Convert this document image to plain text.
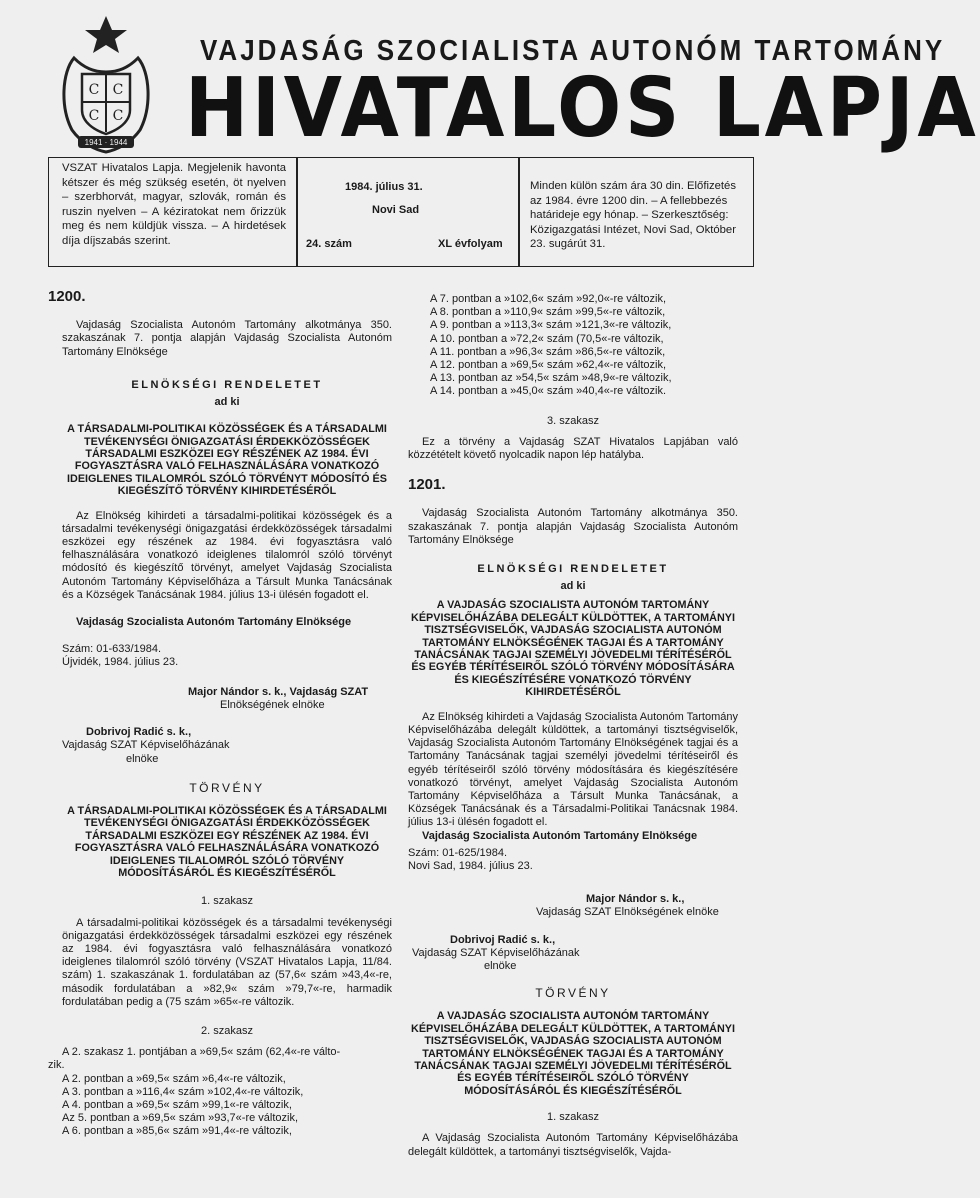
С С
С С
1941 · 1944
VAJDASÁG SZOCIALISTA AUTONÓM TARTOMÁNY
HIVATALOS LAPJA
VSZAT Hivatalos Lapja. Megjelenik havonta kétszer és még szükség esetén, öt nyelven – szerbhorvát, magyar, szlovák, román és ruszin nyelven – A kéziratokat nem őrizzük meg és nem küldjük vissza. – A hirdetések díja díjszabás szerint.
1984. július 31.
Novi Sad
24. szám	XL évfolyam
Minden külön szám ára 30 din. Előfizetés az 1984. évre 1200 din. – A fellebbezés határideje egy hónap. – Szerkesztőség: Közigazgatási Intézet, Novi Sad, Október 23. sugárút 31.

1200.

Vajdaság Szocialista Autonóm Tartomány alkotmánya 350. szakaszának 7. pontja alapján Vajdaság Szocialista Autonóm Tartomány Elnöksége

ELNÖKSÉGI RENDELETET

ad ki

A TÁRSADALMI-POLITIKAI KÖZÖSSÉGEK ÉS A TÁRSADALMI TEVÉKENYSÉGI ÖNIGAZGATÁSI ÉRDEKKÖZÖSSÉGEK TÁRSADALMI ESZKÖZEI EGY RÉSZÉNEK AZ 1984. ÉVI FOGYASZTÁSRA VALÓ FELHASZNÁLÁSÁRA VONATKOZÓ IDEIGLENES TILALOMRÓL SZÓLÓ TÖRVÉNYT MÓDOSÍTÓ ÉS KIEGÉSZÍTŐ TÖRVÉNY KIHIRDETÉSÉRŐL

Az Elnökség kihirdeti a társadalmi-politikai közösségek és a társadalmi tevékenységi önigazgatási érdekközösségek társadalmi eszközei egy részének az 1984. évi fogyasztásra való felhasználására vonatkozó ideiglenes tilalomról szóló törvényt módosító és kiegészítő törvényt, amelyet Vajdaság Szocialista Autonóm Tartomány Képviselőháza a Társult Munka Tanácsának és a Községek Tanácsának 1984. július 13-i ülésén fogadott el.

Vajdaság Szocialista Autonóm Tartomány Elnöksége

Szám: 01-633/1984.

Újvidék, 1984. július 23.

Major Nándor s. k., Vajdaság SZAT

Elnökségének elnöke

Dobrivoj Radić s. k.,

Vajdaság SZAT Képviselőházának

elnöke

TÖRVÉNY

A TÁRSADALMI-POLITIKAI KÖZÖSSÉGEK ÉS A TÁRSADALMI TEVÉKENYSÉGI ÖNIGAZGATÁSI ÉRDEKKÖZÖSSÉGEK TÁRSADALMI ESZKÖZEI EGY RÉSZÉNEK AZ 1984. ÉVI FOGYASZTÁSRA VALÓ FELHASZNÁLÁSÁRA VONATKOZÓ IDEIGLENES TILALOMRÓL SZÓLÓ TÖRVÉNY MÓDOSÍTÁSÁRÓL ÉS KIEGÉSZÍTÉSÉRŐL

1. szakasz

A társadalmi-politikai közösségek és a társadalmi tevékenységi önigazgatási érdekközösségek társadalmi eszközei egy részének az 1984. évi fogyasztásra való felhasználására vonatkozó ideiglenes tilalomról szóló törvény (VSZAT Hivatalos Lapja, 11/84. szám) 1. szakaszának 1. fordulatában az (57,6« szám »43,4«-re, második fordulatában a »82,9« szám »79,7«-re, harmadik fordulatában pedig a (75 szám »65«-re változik.

2. szakasz

A 2. szakasz 1. pontjában a »69,5« szám (62,4«-re válto-

zik.

A 2. pontban a »69,5« szám »6,4«-re változik,

A 3. pontban a »116,4« szám »102,4«-re változik,

A 4. pontban a »69,5« szám »99,1«-re változik,

Az 5. pontban a »69,5« szám »93,7«-re változik,

A 6. pontban a »85,6« szám »91,4«-re változik,

A 7. pontban a »102,6« szám »92,0«-re változik,

A 8. pontban a »110,9« szám »99,5«-re változik,

A 9. pontban a »113,3« szám »121,3«-re változik,

A 10. pontban a »72,2« szám (70,5«-re változik,

A 11. pontban a »96,3« szám »86,5«-re változik,

A 12. pontban a »69,5« szám »62,4«-re változik,

A 13. pontban az »54,5« szám »48,9«-re változik,

A 14. pontban a »45,0« szám »40,4«-re változik.

3. szakasz

Ez a törvény a Vajdaság SZAT Hivatalos Lapjában való közzétételt követő nyolcadik napon lép hatályba.

1201.

Vajdaság Szocialista Autonóm Tartomány alkotmánya 350. szakaszának 7. pontja alapján Vajdaság Szocialista Autonóm Tartomány Elnöksége

ELNÖKSÉGI RENDELETET

ad ki

A VAJDASÁG SZOCIALISTA AUTONÓM TARTOMÁNY KÉPVISELŐHÁZÁBA DELEGÁLT KÜLDÖTTEK, A TARTOMÁNYI TISZTSÉGVISELŐK, VAJDASÁG SZOCIALISTA AUTONÓM TARTOMÁNY ELNÖKSÉGÉNEK TAGJAI ÉS A TARTOMÁNY TANÁCSÁNAK TAGJAI SZEMÉLYI JÖVEDELMI TÉRÍTÉSÉRŐL ÉS EGYÉB TÉRÍTÉSEIRŐL SZÓLÓ TÖRVÉNY MÓDOSÍTÁSÁRA ÉS KIEGÉSZÍTÉSÉRE VONATKOZÓ TÖRVÉNY KIHIRDETÉSÉRŐL

Az Elnökség kihirdeti a Vajdaság Szocialista Autonóm Tartomány Képviselőházába delegált küldöttek, a tartományi tisztségviselők, Vajdaság Szocialista Autonóm Tartomány Elnökségének tagjai és a Tartomány Tanácsának tagjai személyi jövedelmi térítéseiről és egyéb térítéseiről szóló törvény módosítására és kiegészítésére vonatkozó törvényt, amelyet Vajdaság Szocialista Autonóm Tartomány Képviselőháza a Társult Munka Tanácsának, a Községek Tanácsának és a Társadalmi-Politikai Tanácsnak 1984. július 13-i ülésén fogadott el.

Vajdaság Szocialista Autonóm Tartomány Elnöksége

Szám: 01-625/1984.

Novi Sad, 1984. július 23.

Major Nándor s. k.,

Vajdaság SZAT Elnökségének elnöke

Dobrivoj Radić s. k.,

Vajdaság SZAT Képviselőházának

elnöke

TÖRVÉNY

A VAJDASÁG SZOCIALISTA AUTONÓM TARTOMÁNY KÉPVISELŐHÁZÁBA DELEGÁLT KÜLDÖTTEK, A TARTOMÁNYI TISZTSÉGVISELŐK, VAJDASÁG SZOCIALISTA AUTONÓM TARTOMÁNY ELNÖKSÉGÉNEK TAGJAI ÉS A TARTOMÁNY TANÁCSÁNAK TAGJAI SZEMÉLYI JÖVEDELMI TÉRÍTÉSÉRŐL ÉS EGYÉB TÉRÍTÉSEIRŐL SZÓLÓ TÖRVÉNY MÓDOSÍTÁSÁRÓL ÉS KIEGÉSZÍTÉSÉRŐL

1. szakasz

A Vajdaság Szocialista Autonóm Tartomány Képviselőházába delegált küldöttek, a tartományi tisztségviselők, Vajda-
